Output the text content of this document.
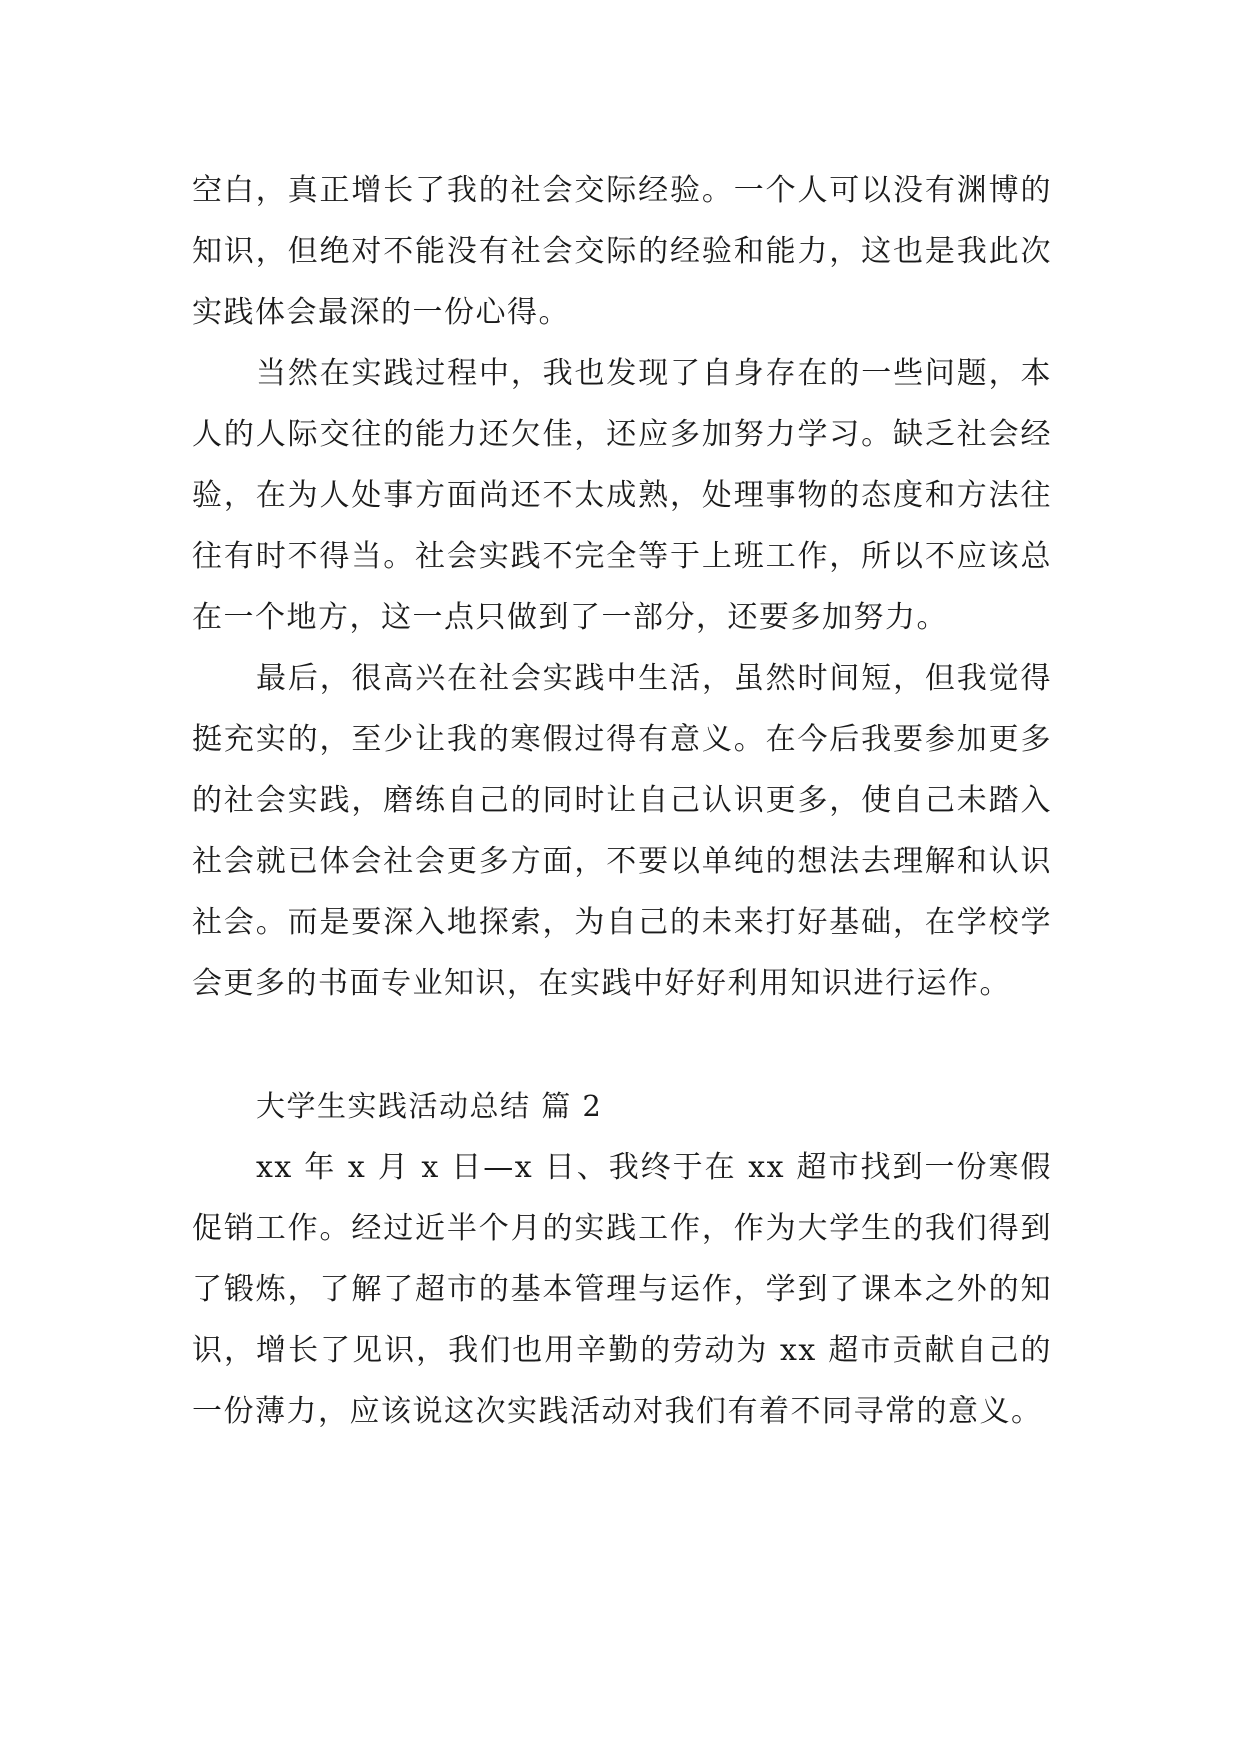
空白，真正增长了我的社会交际经验。一个人可以没有渊博的知识，但绝对不能没有社会交际的经验和能力，这也是我此次实践体会最深的一份心得。

当然在实践过程中，我也发现了自身存在的一些问题，本人的人际交往的能力还欠佳，还应多加努力学习。缺乏社会经验，在为人处事方面尚还不太成熟，处理事物的态度和方法往往有时不得当。社会实践不完全等于上班工作，所以不应该总在一个地方，这一点只做到了一部分，还要多加努力。

最后，很高兴在社会实践中生活，虽然时间短，但我觉得挺充实的，至少让我的寒假过得有意义。在今后我要参加更多的社会实践，磨练自己的同时让自己认识更多，使自己未踏入社会就已体会社会更多方面，不要以单纯的想法去理解和认识社会。而是要深入地探索，为自己的未来打好基础，在学校学会更多的书面专业知识，在实践中好好利用知识进行运作。

大学生实践活动总结 篇 2

xx 年 x 月 x 日—x 日、我终于在 xx 超市找到一份寒假促销工作。经过近半个月的实践工作，作为大学生的我们得到了锻炼，了解了超市的基本管理与运作，学到了课本之外的知识，增长了见识，我们也用辛勤的劳动为 xx 超市贡献自己的一份薄力，应该说这次实践活动对我们有着不同寻常的意义。
